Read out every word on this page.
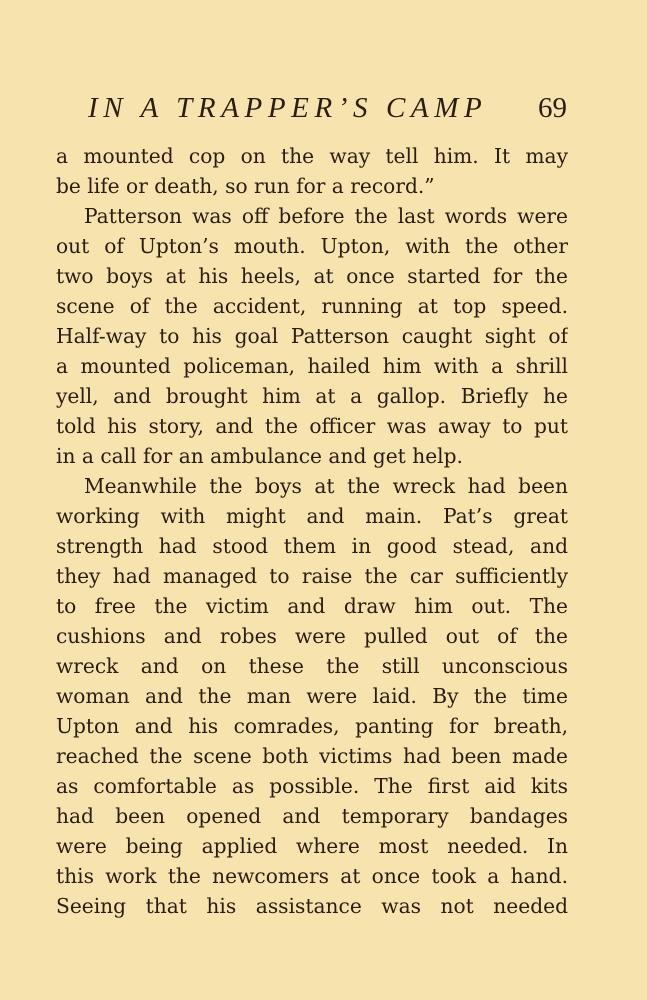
IN A TRAPPER’S CAMP 69
a mounted cop on the way tell him. It may
be life or death, so run for a record.”
Patterson was off before the last words were
out of Upton’s mouth. Upton, with the other
two boys at his heels, at once started for the
scene of the accident, running at top speed.
Half-way to his goal Patterson caught sight of
a mounted policeman, hailed him with a shrill
yell, and brought him at a gallop. Briefly he
told his story, and the officer was away to put
in a call for an ambulance and get help.
Meanwhile the boys at the wreck had been
working with might and main. Pat’s great
strength had stood them in good stead, and
they had managed to raise the car sufficiently
to free the victim and draw him out. The
cushions and robes were pulled out of the
wreck and on these the still unconscious
woman and the man were laid. By the time
Upton and his comrades, panting for breath,
reached the scene both victims had been made
as comfortable as possible. The first aid kits
had been opened and temporary bandages
were being applied where most needed. In
this work the newcomers at once took a hand.
Seeing that his assistance was not needed
